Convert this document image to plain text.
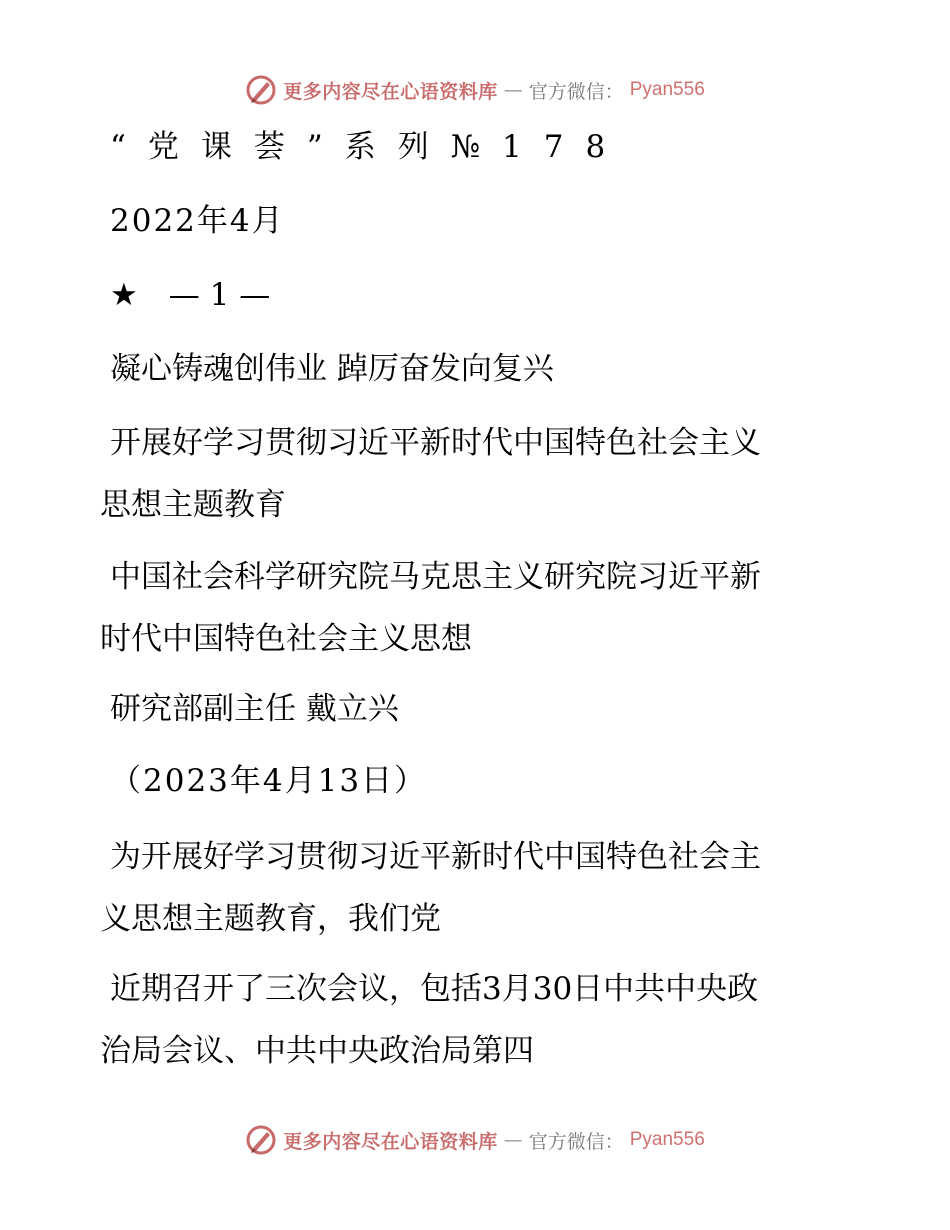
更多内容尽在心语资料库 — 官方微信： Pyan556
“党课荟”系列№178
2022年4月
★　— 1 —
凝心铸魂创伟业 踔厉奋发向复兴
开展好学习贯彻习近平新时代中国特色社会主义
思想主题教育
中国社会科学研究院马克思主义研究院习近平新
时代中国特色社会主义思想
研究部副主任 戴立兴
（2023年4月13日）
为开展好学习贯彻习近平新时代中国特色社会主
义思想主题教育，我们党
近期召开了三次会议，包括3月30日中共中央政
治局会议、中共中央政治局第四
更多内容尽在心语资料库 — 官方微信： Pyan556
